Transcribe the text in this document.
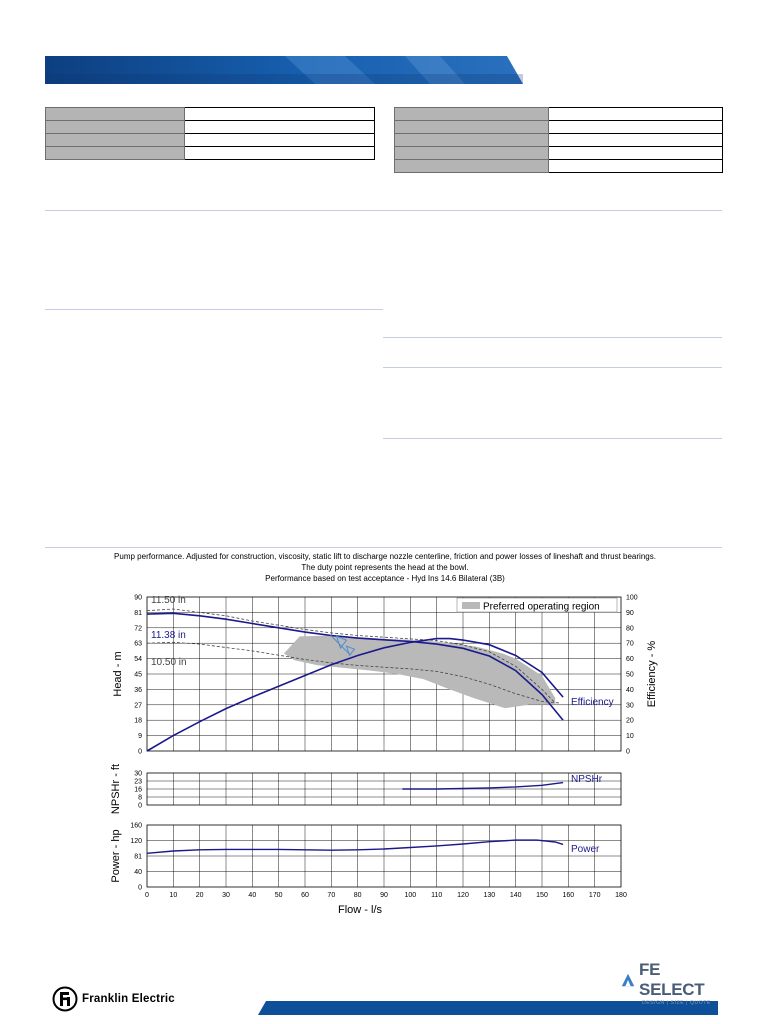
Pump performance. Adjusted for construction, viscosity, static lift to discharge nozzle centerline, friction and power losses of lineshaft and thrust bearings.
The duty point represents the head at the bowl.
Performance based on test acceptance - Hyd Ins 14.6 Bilateral (3B)
0
9
18
27
36
45
54
63
72
81
90
0
10
20
30
40
50
60
70
80
90
100
0
8
16
23
30
0
40
81
120
160
0	10	20	30	40	50	60	70	80	90 100 110 120 130 140 150 160 170 180
Flow - l/s
Head - m	Efficiency - %
NPSHr - ft
Power - hp
11.38 in
11.50 in
10.50 in
Efficiency
NPSHr
Power
Preferred operating region
Franklin Electric
FE SELECT
DESIGN | SIZE | QUOTE
